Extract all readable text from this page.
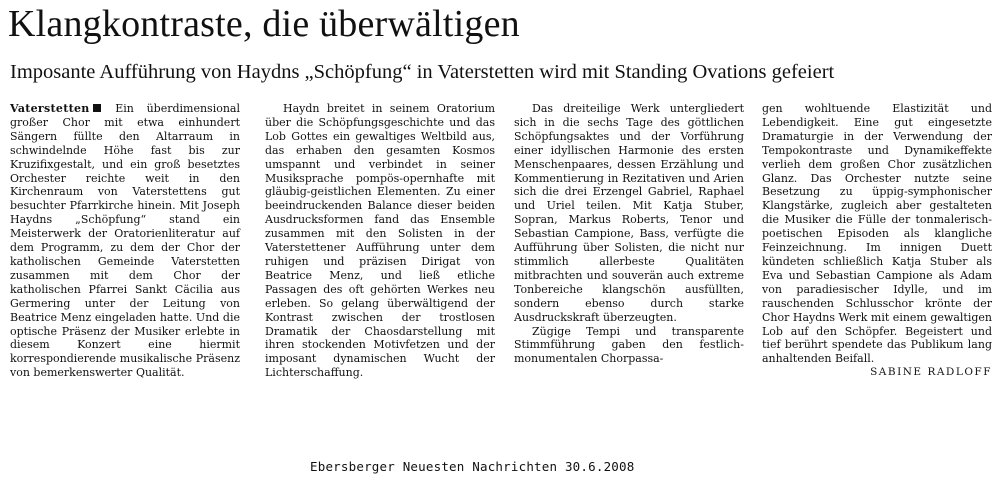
Klangkontraste, die überwältigen
Imposante Aufführung von Haydns „Schöpfung“ in Vaterstetten wird mit Standing Ovations gefeiert

Vaterstetten Ein überdimensional großer Chor mit etwa einhundert Sängern füllte den Altarraum in schwindelnde Höhe fast bis zur Kruzifixgestalt, und ein groß besetztes Orchester reichte weit in den Kirchenraum von Vaterstettens gut besuchter Pfarrkirche hinein. Mit Joseph Haydns „Schöpfung“ stand ein Meisterwerk der Oratorienliteratur auf dem Programm, zu dem der Chor der katholischen Gemeinde Vaterstetten zusammen mit dem Chor der katholischen Pfarrei Sankt Cäcilia aus Germering unter der Leitung von Beatrice Menz eingeladen hatte. Und die optische Präsenz der Musiker erlebte in diesem Konzert eine hiermit korrespondierende musikalische Präsenz von bemerkenswerter Qualität.

Haydn breitet in seinem Oratorium über die Schöpfungsgeschichte und das Lob Gottes ein gewaltiges Weltbild aus, das erhaben den gesamten Kosmos umspannt und verbindet in seiner Musiksprache pompös-opernhafte mit gläubig-geistlichen Elementen. Zu einer beeindruckenden Balance dieser beiden Ausdrucksformen fand das Ensemble zusammen mit den Solisten in der Vaterstettener Aufführung unter dem ruhigen und präzisen Dirigat von Beatrice Menz, und ließ etliche Passagen des oft gehörten Werkes neu erleben. So gelang überwältigend der Kontrast zwischen der trostlosen Dramatik der Chaosdarstellung mit ihren stockenden Motivfetzen und der imposant dynamischen Wucht der Lichterschaffung.

Das dreiteilige Werk untergliedert sich in die sechs Tage des göttlichen Schöpfungsaktes und der Vorführung einer idyllischen Harmonie des ersten Menschenpaares, dessen Erzählung und Kommentierung in Rezitativen und Arien sich die drei Erzengel Gabriel, Raphael und Uriel teilen. Mit Katja Stuber, Sopran, Markus Roberts, Tenor und Sebastian Campione, Bass, verfügte die Aufführung über Solisten, die nicht nur stimmlich allerbeste Qualitäten mitbrachten und souverän auch extreme Tonbereiche klangschön ausfüllten, sondern ebenso durch starke Ausdruckskraft überzeugten.

Zügige Tempi und transparente Stimmführung gaben den festlich-monumentalen Chorpassa-

gen wohltuende Elastizität und Lebendigkeit. Eine gut eingesetzte Dramaturgie in der Verwendung der Tempokontraste und Dynamikeffekte verlieh dem großen Chor zusätzlichen Glanz. Das Orchester nutzte seine Besetzung zu üppig-symphonischer Klangstärke, zugleich aber gestalteten die Musiker die Fülle der tonmalerisch-poetischen Episoden als klangliche Feinzeichnung. Im innigen Duett kündeten schließlich Katja Stuber als Eva und Sebastian Campione als Adam von paradiesischer Idylle, und im rauschenden Schlusschor krönte der Chor Haydns Werk mit einem gewaltigen Lob auf den Schöpfer. Begeistert und tief berührt spendete das Publikum lang anhaltenden Beifall.

SABINE RADLOFF

Ebersberger Neuesten Nachrichten 30.6.2008
